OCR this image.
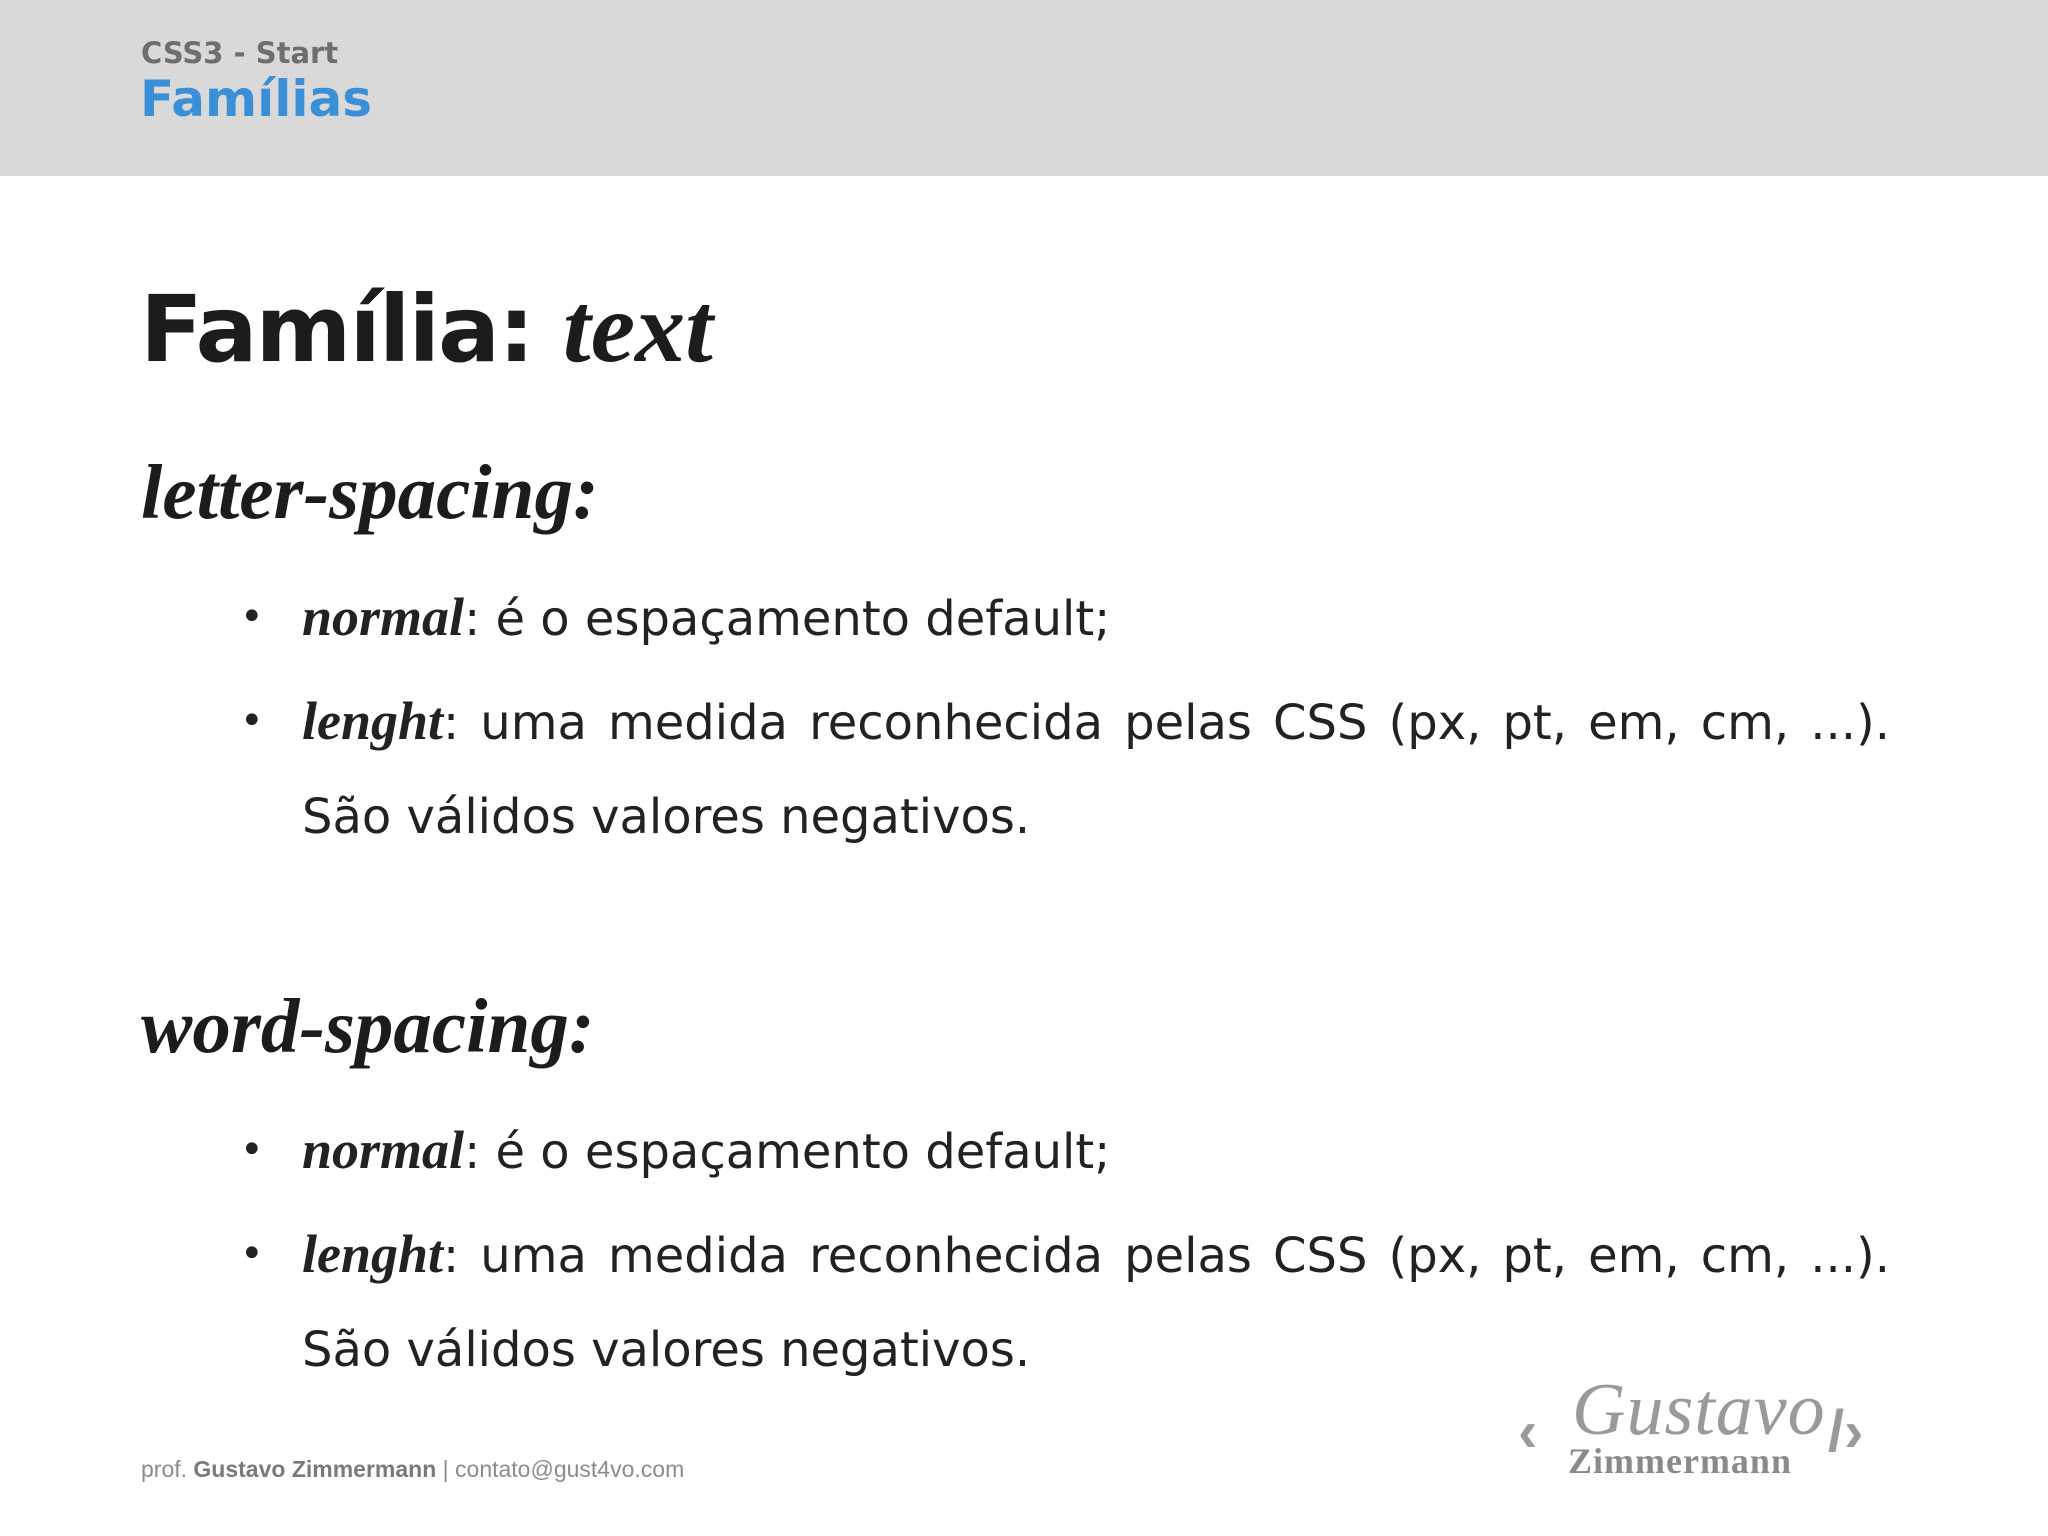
CSS3 - Start
Famílias
Família: text
letter-spacing:
• normal: é o espaçamento default;
• lenght: uma medida reconhecida pelas CSS (px, pt, em, cm, ...). São válidos valores negativos.
word-spacing:
• normal: é o espaçamento default;
• lenght: uma medida reconhecida pelas CSS (px, pt, em, cm, ...). São válidos valores negativos.
prof. Gustavo Zimmermann | contato@gust4vo.com
‹ Gustavo
Zimmermann /›
